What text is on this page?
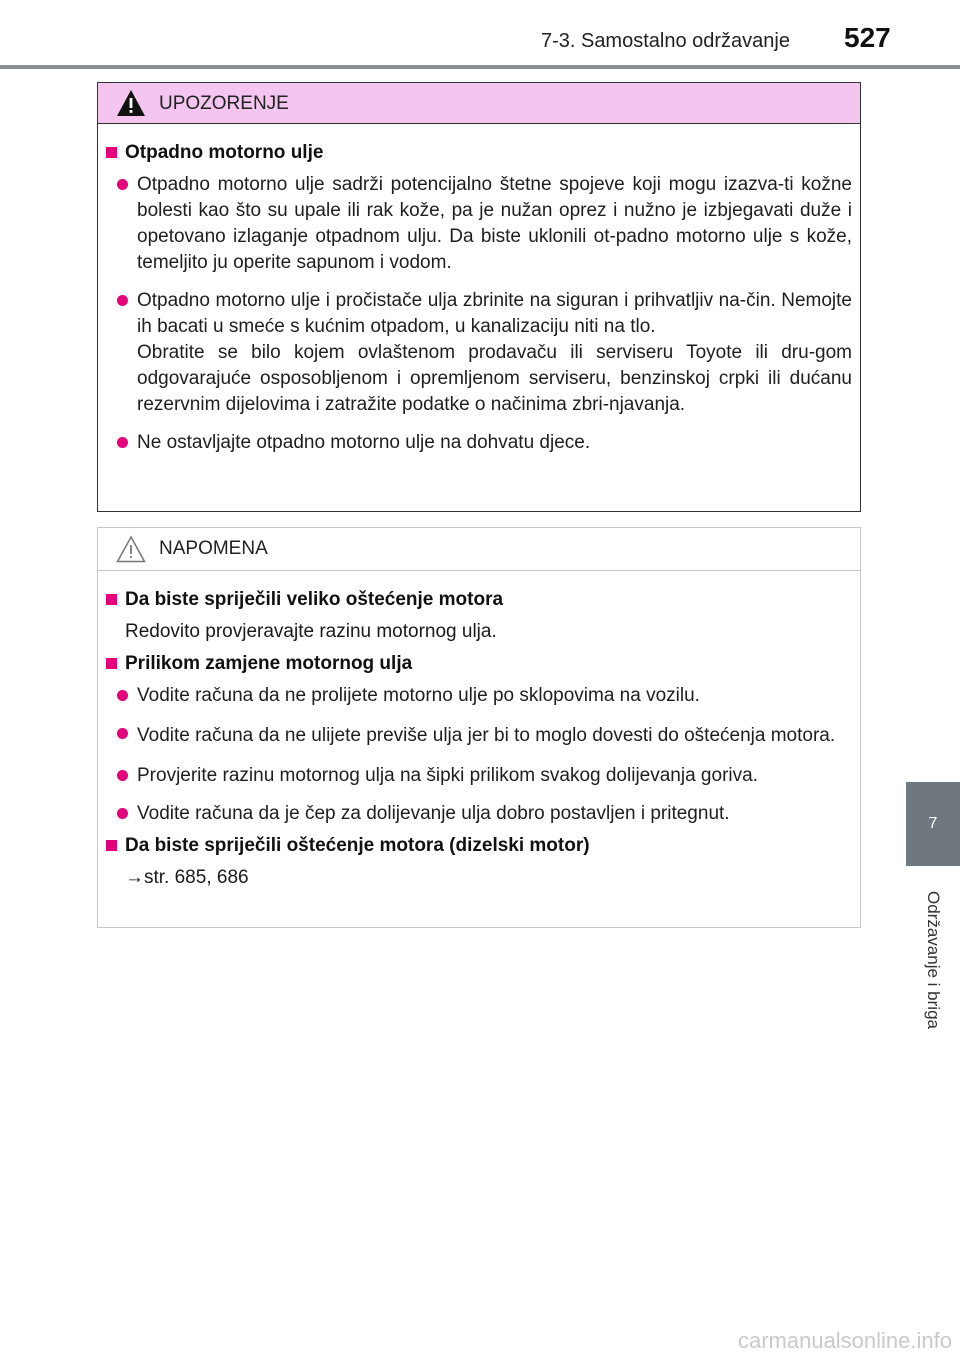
7-3. Samostalno održavanje 527
7
Održavanje i briga
UPOZORENJE
Otpadno motorno ulje
Otpadno motorno ulje sadrži potencijalno štetne spojeve koji mogu izazva-ti kožne bolesti kao što su upale ili rak kože, pa je nužan oprez i nužno je izbjegavati duže i opetovano izlaganje otpadnom ulju. Da biste uklonili ot-padno motorno ulje s kože, temeljito ju operite sapunom i vodom.
Otpadno motorno ulje i pročistače ulja zbrinite na siguran i prihvatljiv na-čin. Nemojte ih bacati u smeće s kućnim otpadom, u kanalizaciju niti na tlo.
Obratite se bilo kojem ovlaštenom prodavaču ili serviseru Toyote ili dru-gom odgovarajuće osposobljenom i opremljenom serviseru, benzinskoj crpki ili dućanu rezervnim dijelovima i zatražite podatke o načinima zbri-njavanja.
Ne ostavljajte otpadno motorno ulje na dohvatu djece.
NAPOMENA
Da biste spriječili veliko oštećenje motora
Redovito provjeravajte razinu motornog ulja.
Prilikom zamjene motornog ulja
Vodite računa da ne prolijete motorno ulje po sklopovima na vozilu.
Vodite računa da ne ulijete previše ulja jer bi to moglo dovesti do oštećenja motora.
Provjerite razinu motornog ulja na šipki prilikom svakog dolijevanja goriva.
Vodite računa da je čep za dolijevanje ulja dobro postavljen i pritegnut.
Da biste spriječili oštećenje motora (dizelski motor)
→str. 685, 686
carmanualsonline.info
